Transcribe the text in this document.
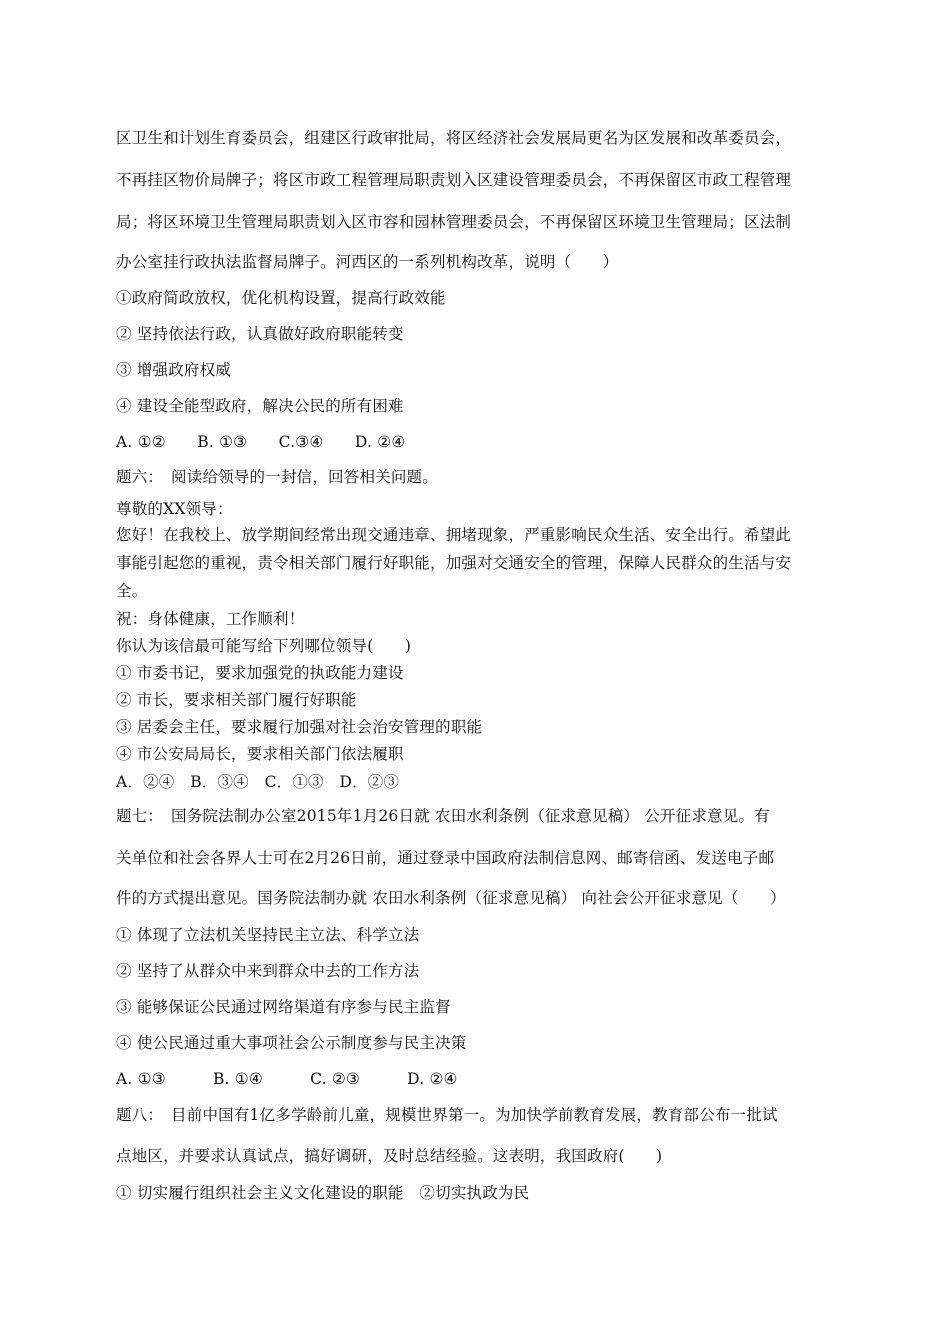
区卫生和计划生育委员会，组建区行政审批局，将区经济社会发展局更名为区发展和改革委员会，
不再挂区物价局牌子；将区市政工程管理局职责划入区建设管理委员会，不再保留区市政工程管理
局；将区环境卫生管理局职责划入区市容和园林管理委员会，不再保留区环境卫生管理局；区法制
办公室挂行政执法监督局牌子。河西区的一系列机构改革，说明（　　）
①政府简政放权，优化机构设置，提高行政效能
② 坚持依法行政，认真做好政府职能转变
③ 增强政府权威
④ 建设全能型政府，解决公民的所有困难
A. ①②　　B. ①③　　C.③④　　D. ②④
题六：　阅读给领导的一封信，回答相关问题。
尊敬的XX领导：
您好！在我校上、放学期间经常出现交通违章、拥堵现象，严重影响民众生活、安全出行。希望此
事能引起您的重视，责令相关部门履行好职能，加强对交通安全的管理，保障人民群众的生活与安
全。
祝：身体健康，工作顺利！
你认为该信最可能写给下列哪位领导(　　)
① 市委书记，要求加强党的执政能力建设
② 市长，要求相关部门履行好职能
③ 居委会主任，要求履行加强对社会治安管理的职能
④ 市公安局局长，要求相关部门依法履职
A．②④　B．③④　C．①③　D．②③
题七：　国务院法制办公室2015年1月26日就 农田水利条例（征求意见稿） 公开征求意见。有
关单位和社会各界人士可在2月26日前，通过登录中国政府法制信息网、邮寄信函、发送电子邮
件的方式提出意见。国务院法制办就 农田水利条例（征求意见稿） 向社会公开征求意见（　　）
① 体现了立法机关坚持民主立法、科学立法
② 坚持了从群众中来到群众中去的工作方法
③ 能够保证公民通过网络渠道有序参与民主监督
④ 使公民通过重大事项社会公示制度参与民主决策
A. ①③　　　B. ①④　　　C. ②③　　　D. ②④
题八：　目前中国有1亿多学龄前儿童，规模世界第一。为加快学前教育发展，教育部公布一批试
点地区，并要求认真试点，搞好调研，及时总结经验。这表明，我国政府(　　)
① 切实履行组织社会主义文化建设的职能　②切实执政为民
